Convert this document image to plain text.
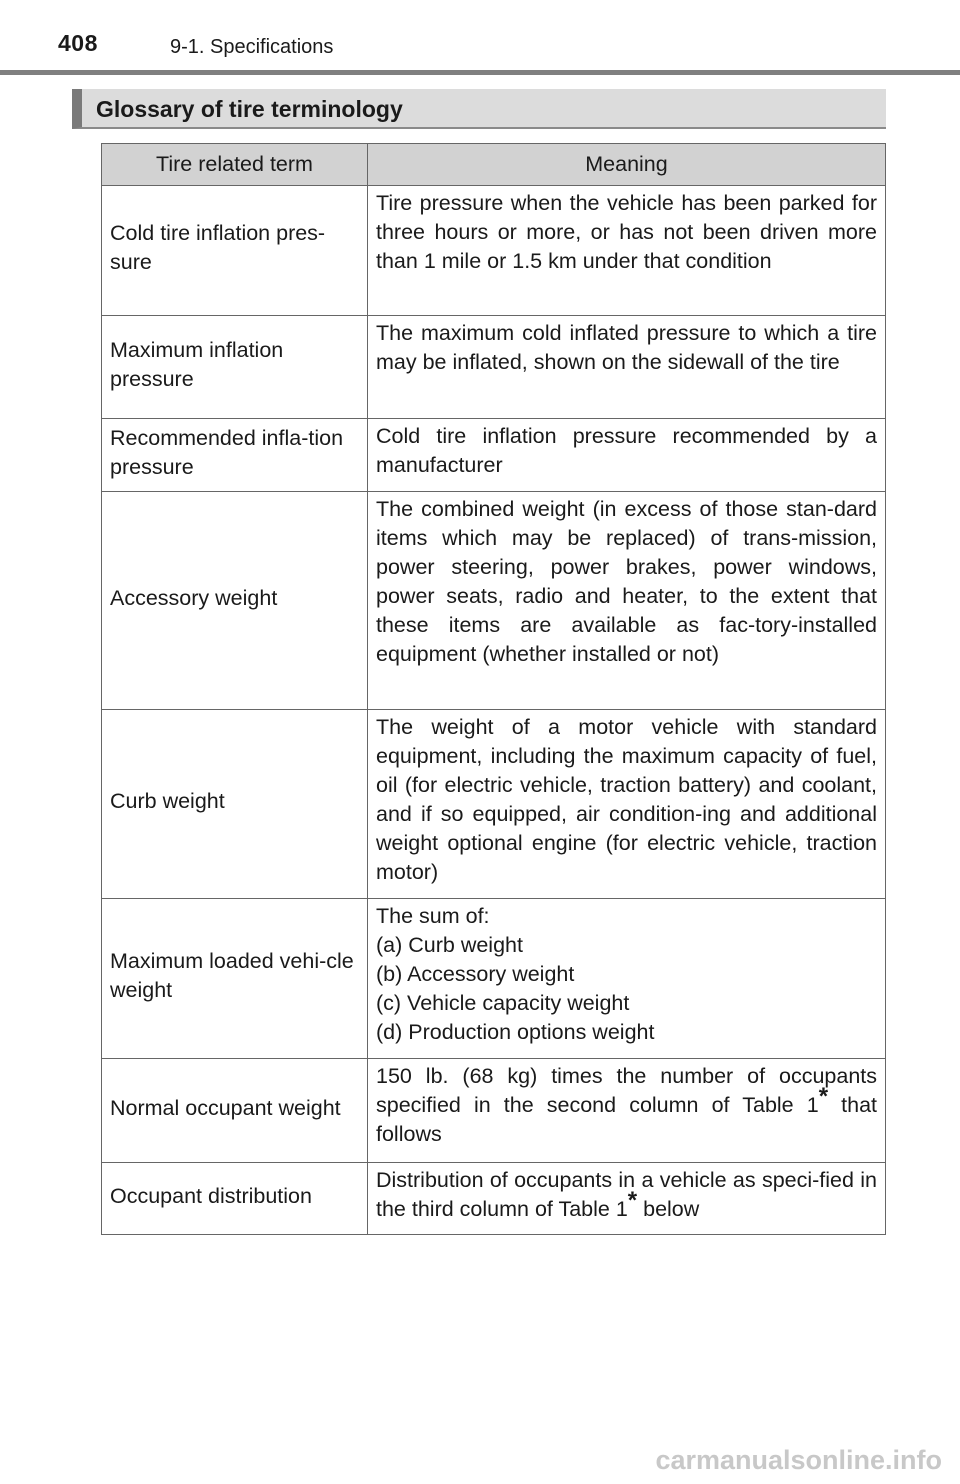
408	9-1. Specifications
Glossary of tire terminology
Tire related term	Meaning
Cold tire inflation pres-sure	Tire pressure when the vehicle has been parked for three hours or more, or has not been driven more than 1 mile or 1.5 km under that condition
Maximum inflation pressure	The maximum cold inflated pressure to which a tire may be inflated, shown on the sidewall of the tire
Recommended infla-tion pressure	Cold tire inflation pressure recommended by a manufacturer
Accessory weight	The combined weight (in excess of those stan-dard items which may be replaced) of trans-mission, power steering, power brakes, power windows, power seats, radio and heater, to the extent that these items are available as fac-tory-installed equipment (whether installed or not)
Curb weight	The weight of a motor vehicle with standard equipment, including the maximum capacity of fuel, oil (for electric vehicle, traction battery) and coolant, and if so equipped, air condition-ing and additional weight optional engine (for electric vehicle, traction motor)
Maximum loaded vehi-cle weight	The sum of:
(a) Curb weight
(b) Accessory weight
(c) Vehicle capacity weight
(d) Production options weight

Normal occupant weight	150 lb. (68 kg) times the number of occupants specified in the second column of Table 1* that follows
Occupant distribution	Distribution of occupants in a vehicle as speci-fied in the third column of Table 1* below
carmanualsonline.info
